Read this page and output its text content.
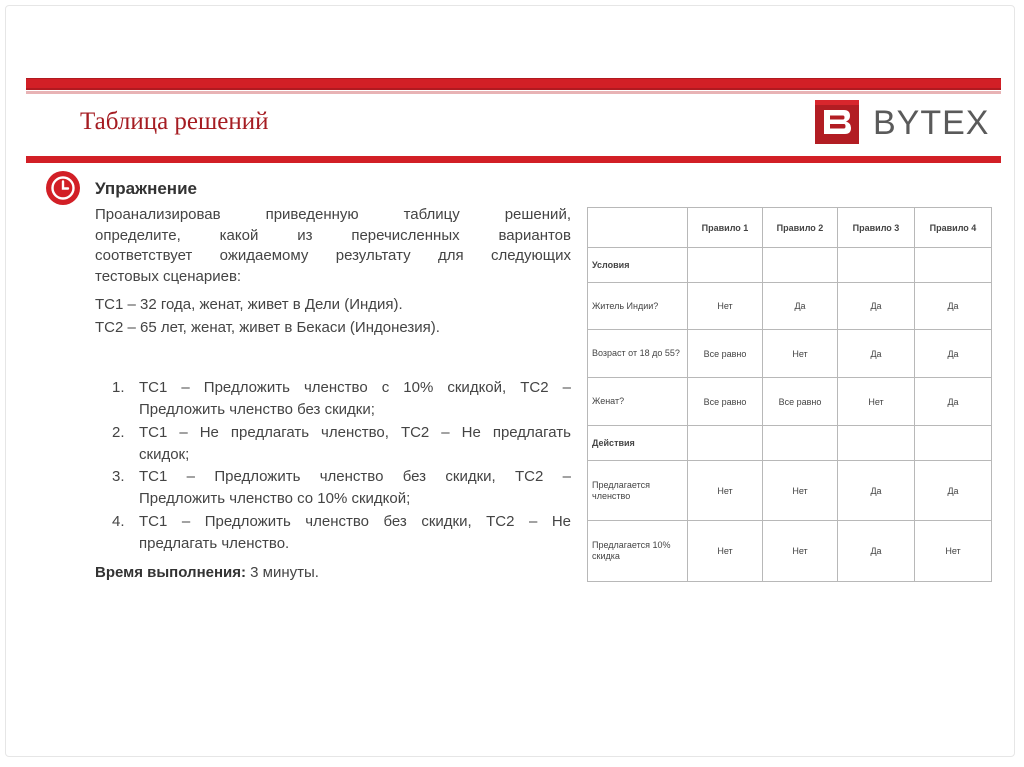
Таблица решений	BYTEX
Упражнение
Проанализировав приведенную таблицу решений,
определите, какой из перечисленных вариантов
соответствует ожидаемому результату для следующих
тестовых сценариев:
ТС1 – 32 года, женат, живет в Дели (Индия).
ТС2 – 65 лет, женат, живет в Бекаси (Индонезия).
1. ТС1 – Предложить членство с 10% скидкой, ТС2 –
Предложить членство без скидки;
2. ТС1 – Не предлагать членство, ТС2 – Не предлагать
скидок;
3. ТС1 – Предложить членство без скидки, ТС2 –
Предложить членство со 10% скидкой;
4. ТС1 – Предложить членство без скидки, ТС2 – Не
предлагать членство.
Время выполнения: 3 минуты.
	Правило 1	Правило 2	Правило 3	Правило 4
Условия				
Житель Индии?	Нет	Да	Да	Да
Возраст от 18 до 55?	Все равно	Нет	Да	Да
Женат?	Все равно	Все равно	Нет	Да
Действия				
Предлагается членство	Нет	Нет	Да	Да
Предлагается 10% скидка	Нет	Нет	Да	Нет
